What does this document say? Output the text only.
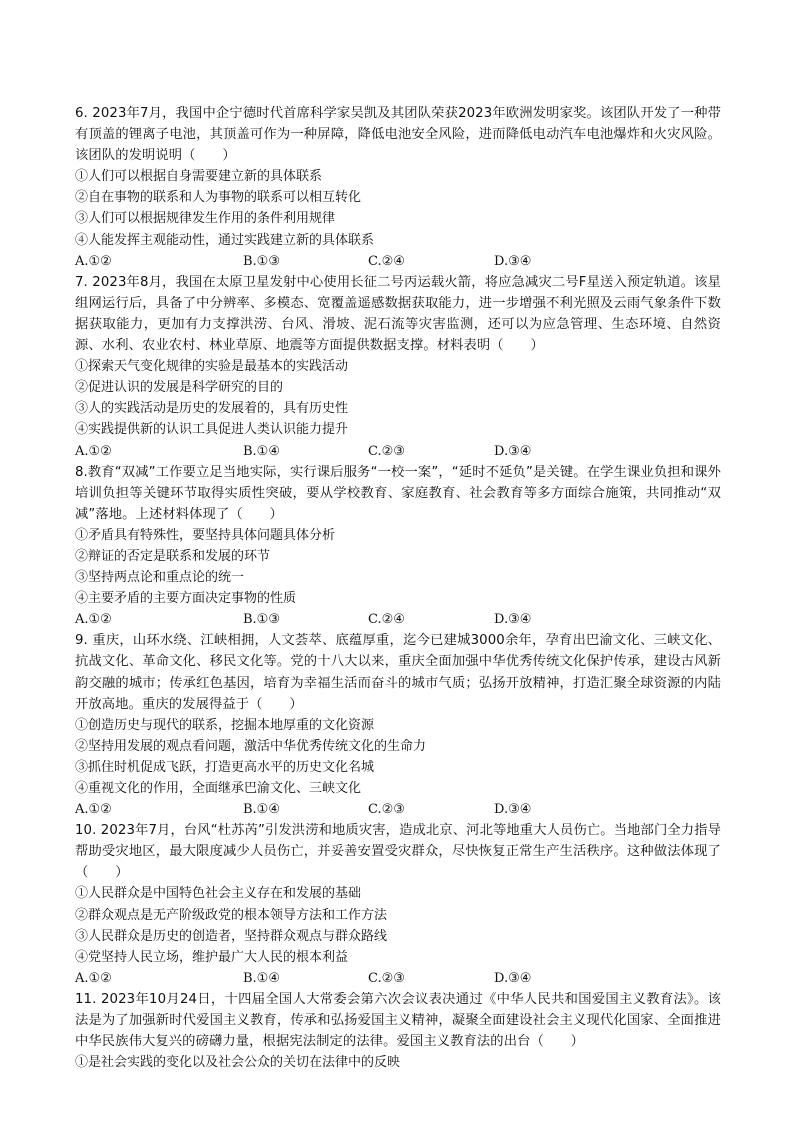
6. 2023年7月，我国中企宁德时代首席科学家吴凯及其团队荣获2023年欧洲发明家奖。该团队开发了一种带有顶盖的锂离子电池，其顶盖可作为一种屏障，降低电池安全风险，进而降低电动汽车电池爆炸和火灾风险。该团队的发明说明（　　）

①人们可以根据自身需要建立新的具体联系

②自在事物的联系和人为事物的联系可以相互转化

③人们可以根据规律发生作用的条件利用规律

④人能发挥主观能动性，通过实践建立新的具体联系

A.①②	B.①③	C.②④	D.③④

7. 2023年8月，我国在太原卫星发射中心使用长征二号丙运载火箭，将应急减灾二号F星送入预定轨道。该星组网运行后，具备了中分辨率、多模态、宽覆盖遥感数据获取能力，进一步增强不利光照及云雨气象条件下数据获取能力，更加有力支撑洪涝、台风、滑坡、泥石流等灾害监测，还可以为应急管理、生态环境、自然资源、水利、农业农村、林业草原、地震等方面提供数据支撑。材料表明（　　）

①探索天气变化规律的实验是最基本的实践活动

②促进认识的发展是科学研究的目的

③人的实践活动是历史的发展着的，具有历史性

④实践提供新的认识工具促进人类认识能力提升

A.①②	B.①④	C.②③	D.③④

8.教育“双减”工作要立足当地实际，实行课后服务“一校一案”，“延时不延负”是关键。在学生课业负担和课外培训负担等关键环节取得实质性突破，要从学校教育、家庭教育、社会教育等多方面综合施策，共同推动“双减”落地。上述材料体现了（　　）

①矛盾具有特殊性，要坚持具体问题具体分析

②辩证的否定是联系和发展的环节

③坚持两点论和重点论的统一

④主要矛盾的主要方面决定事物的性质

A.①②	B.①③	C.②④	D.③④

9. 重庆，山环水绕、江峡相拥，人文荟萃、底蕴厚重，迄今已建城3000余年，孕育出巴渝文化、三峡文化、抗战文化、革命文化、移民文化等。党的十八大以来，重庆全面加强中华优秀传统文化保护传承，建设古风新韵交融的城市；传承红色基因，培育为幸福生活而奋斗的城市气质；弘扬开放精神，打造汇聚全球资源的内陆开放高地。重庆的发展得益于（　　）

①创造历史与现代的联系，挖掘本地厚重的文化资源

②坚持用发展的观点看问题，激活中华优秀传统文化的生命力

③抓住时机促成飞跃，打造更高水平的历史文化名城

④重视文化的作用，全面继承巴渝文化、三峡文化

A.①②	B.①④	C.②③	D.③④

10. 2023年7月，台风“杜苏芮”引发洪涝和地质灾害，造成北京、河北等地重大人员伤亡。当地部门全力指导帮助受灾地区，最大限度减少人员伤亡，并妥善安置受灾群众，尽快恢复正常生产生活秩序。这种做法体现了（　　）

①人民群众是中国特色社会主义存在和发展的基础

②群众观点是无产阶级政党的根本领导方法和工作方法

③人民群众是历史的创造者，坚持群众观点与群众路线

④党坚持人民立场，维护最广大人民的根本利益

A.①②	B.①④	C.②③	D.③④

11. 2023年10月24日，十四届全国人大常委会第六次会议表决通过《中华人民共和国爱国主义教育法》。该法是为了加强新时代爱国主义教育，传承和弘扬爱国主义精神，凝聚全面建设社会主义现代化国家、全面推进中华民族伟大复兴的磅礴力量，根据宪法制定的法律。爱国主义教育法的出台（　　）

①是社会实践的变化以及社会公众的关切在法律中的反映
